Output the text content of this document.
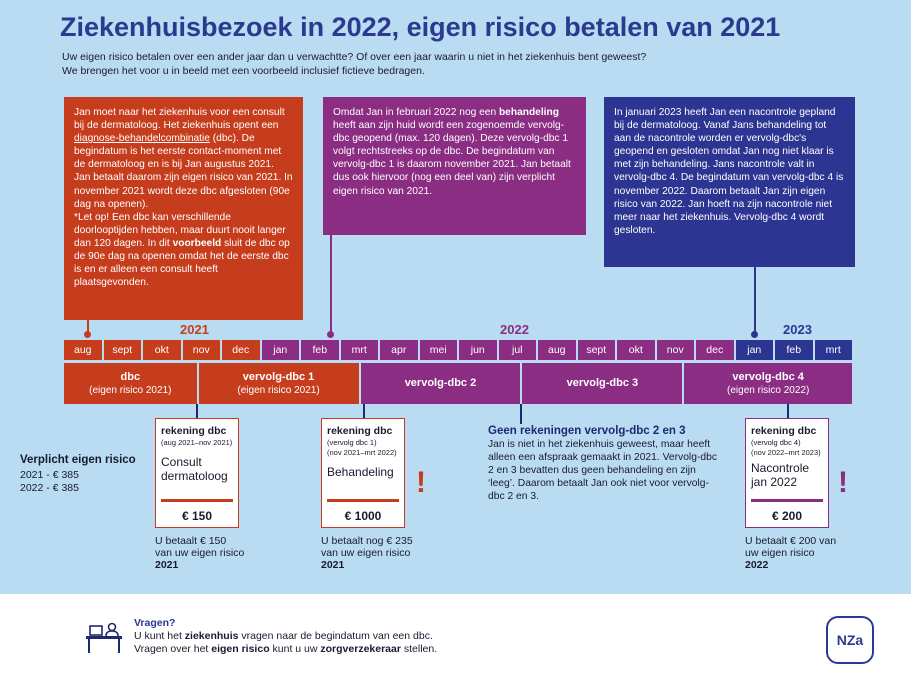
Ziekenhuisbezoek in 2022, eigen risico betalen van 2021
Uw eigen risico betalen over een ander jaar dan u verwachtte? Of over een jaar waarin u niet in het ziekenhuis bent geweest?
We brengen het voor u in beeld met een voorbeeld inclusief fictieve bedragen.
Jan moet naar het ziekenhuis voor een consult bij de dermatoloog. Het ziekenhuis opent een diagnose-behandelcombinatie (dbc). De begindatum is het eerste contact-moment met de dermatoloog en is bij Jan augustus 2021.
Jan betaalt daarom zijn eigen risico van 2021. In november 2021 wordt deze dbc afgesloten (90e dag na openen).
*Let op! Een dbc kan verschillende doorlooptijden hebben, maar duurt nooit langer dan 120 dagen. In dit voorbeeld sluit de dbc op de 90e dag na openen omdat het de eerste dbc is en er alleen een consult heeft plaatsgevonden.
Omdat Jan in februari 2022 nog een behandeling heeft aan zijn huid wordt een zogenoemde vervolg-dbc geopend (max. 120 dagen). Deze vervolg-dbc 1 volgt rechtstreeks op de dbc. De begindatum van vervolg-dbc 1 is daarom november 2021. Jan betaalt dus ook hiervoor (nog een deel van) zijn verplicht eigen risico van 2021.
In januari 2023 heeft Jan een nacontrole gepland bij de dermatoloog. Vanaf Jans behandeling tot aan de nacontrole worden er vervolg-dbc's geopend en gesloten omdat Jan nog niet klaar is met zijn behandeling. Jans nacontrole valt in vervolg-dbc 4. De begindatum van vervolg-dbc 4 is november 2022. Daarom betaalt Jan zijn eigen risico van 2022. Jan hoeft na zijn nacontrole niet meer naar het ziekenhuis. Vervolg-dbc 4 wordt gesloten.
2021	2022	2023
aug	sept	okt	nov	dec	jan	feb	mrt	apr	mei	jun	jul	aug	sept	okt	nov	dec	jan	feb	mrt
dbc
(eigen risico 2021)
vervolg-dbc 1
(eigen risico 2021)
vervolg-dbc 2	vervolg-dbc 3
vervolg-dbc 4
(eigen risico 2022)
Verplicht eigen risico
2021 - € 385
2022 - € 385
rekening dbc
(aug 2021–nov 2021)
Consult dermatoloog
€ 150
U betaalt € 150 van uw eigen risico 2021
rekening dbc
(vervolg dbc 1)
(nov 2021–mrt 2022)
Behandeling
€ 1000
!
U betaalt nog € 235 van uw eigen risico 2021
Geen rekeningen vervolg-dbc 2 en 3
Jan is niet in het ziekenhuis geweest, maar heeft alleen een afspraak gemaakt in 2021. Vervolg-dbc 2 en 3 bevatten dus geen behandeling en zijn ‘leeg’. Daarom betaalt Jan ook niet voor vervolg-dbc 2 en 3.
rekening dbc
(vervolg dbc 4)
(nov 2022–mrt 2023)
Nacontrole jan 2022
€ 200
!
U betaalt € 200 van uw eigen risico 2022
Vragen?
U kunt het ziekenhuis vragen naar de begindatum van een dbc.
Vragen over het eigen risico kunt u uw zorgverzekeraar stellen.
NZa
